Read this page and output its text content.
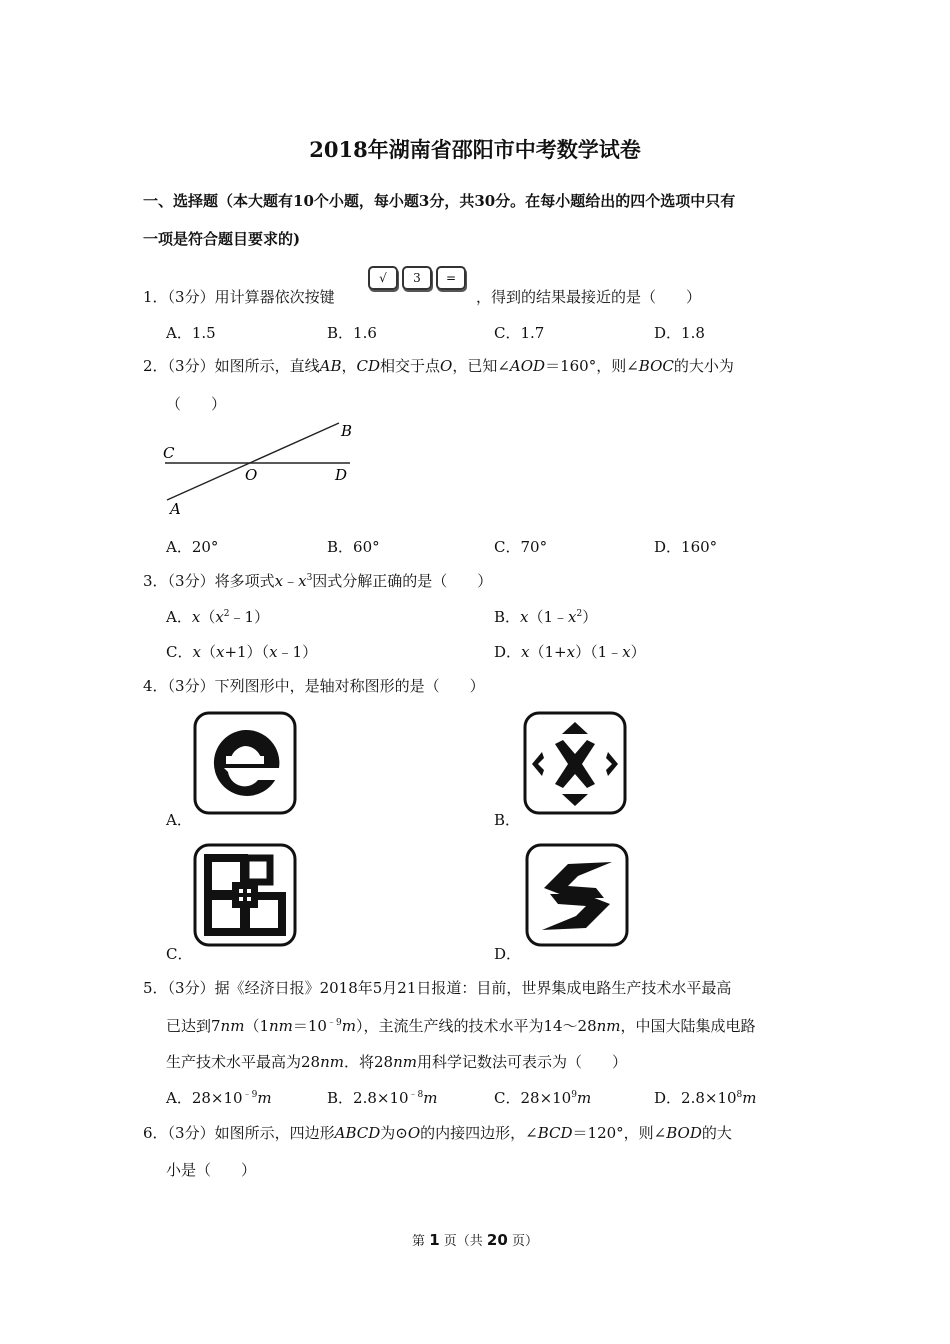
2018年湖南省邵阳市中考数学试卷
一、选择题（本大题有10个小题，每小题3分，共30分。在每小题给出的四个选项中只有
一项是符合题目要求的)
1．（3分）用计算器依次按键
√ 3 =
，得到的结果最接近的是（　　）
A．1.5	B．1.6	C．1.7	D．1.8
2．（3分）如图所示，直线AB，CD相交于点O，已知∠AOD＝160°，则∠BOC的大小为
（　　）
C
B
O	D
A
A．20°	B．60°	C．70°	D．160°
3．（3分）将多项式$x﹣x^3$因式分解正确的是（　　）
A．$x(x^2﹣1)$	B．$x(1﹣x^2)$
C．x（x+1）（x﹣1）	D．x（1+x）（1﹣x）
4．（3分）下列图形中，是轴对称图形的是（　　）
A．	B．
C．	D．
5．（3分）据《经济日报》2018年5月21日报道：目前，世界集成电路生产技术水平最高
已达到$7nm(1nm=10^{﹣9}m)$，主流生产线的技术水平为14～28nm，中国大陆集成电路
生产技术水平最高为28nm．将28nm用科学记数法可表示为（　　）
A．$28\times 10^{﹣9}m$	B．$2.8\times 10^{﹣8}m$	C．$28\times 10^9m$	D．$2.8\times 10^8m$
6．（3分）如图所示，四边形ABCD为⊙O的内接四边形，∠BCD＝120°，则∠BOD的大
小是（　　）
第 1 页（共 20 页）
